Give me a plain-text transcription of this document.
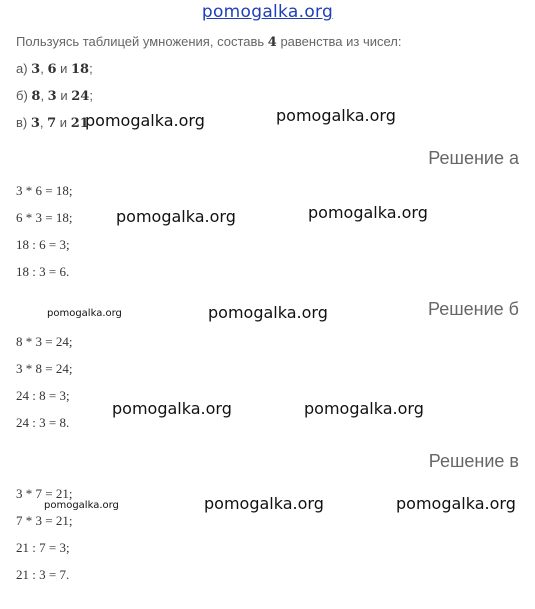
pomogalka.org
Пользуясь таблицей умножения, составь 4 равенства из чисел:
а) 3, 6 и 18;
б) 8, 3 и 24;
в) 3, 7 и 21
Решение а
3 * 6 = 18;
6 * 3 = 18;
18 : 6 = 3;
18 : 3 = 6.
Решение б
8 * 3 = 24;
3 * 8 = 24;
24 : 8 = 3;
24 : 3 = 8.
Решение в
3 * 7 = 21;
7 * 3 = 21;
21 : 7 = 3;
21 : 3 = 7.
pomogalka.org	pomogalka.org
pomogalka.org	pomogalka.org
pomogalka.org	pomogalka.org
pomogalka.org	pomogalka.org
pomogalka.org	pomogalka.org	pomogalka.org
